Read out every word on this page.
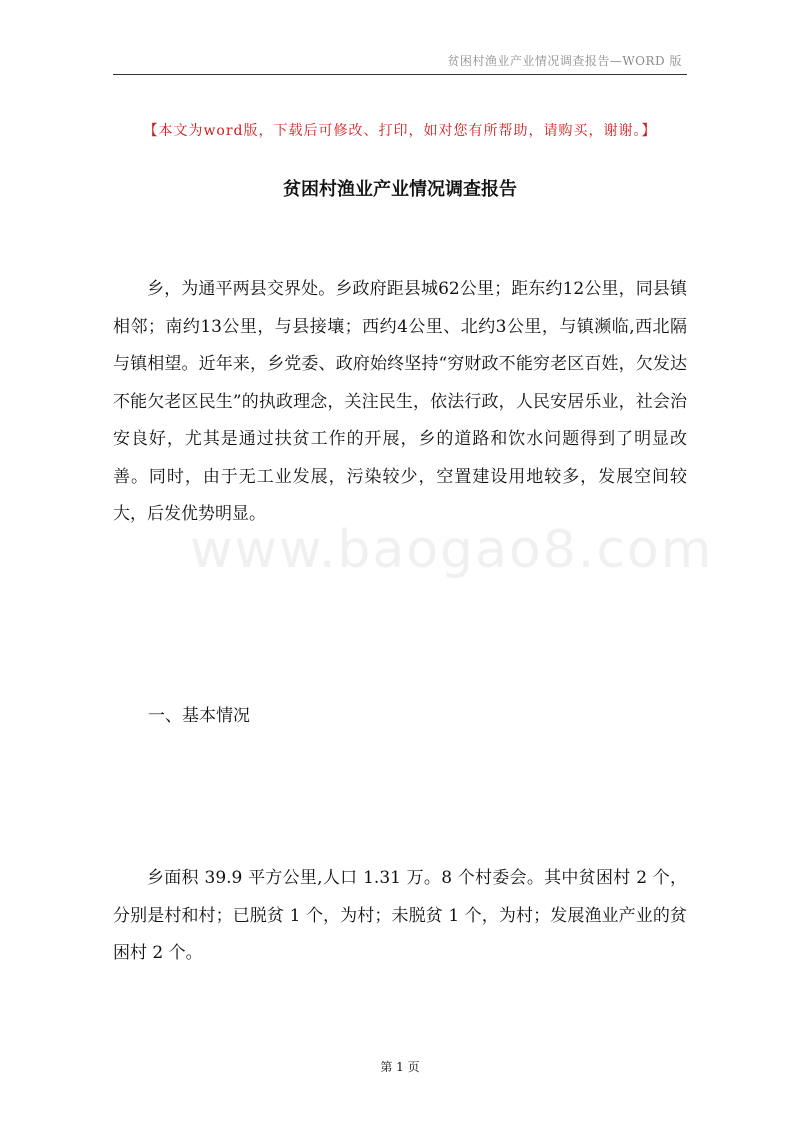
贫困村渔业产业情况调查报告—WORD 版
【本文为word版，下载后可修改、打印，如对您有所帮助，请购买，谢谢。】
贫困村渔业产业情况调查报告

乡，为通平两县交界处。乡政府距县城62公里；距东约12公里，同县镇相邻；南约13公里，与县接壤；西约4公里、北约3公里，与镇濒临,西北隔与镇相望。近年来，乡党委、政府始终坚持“穷财政不能穷老区百姓，欠发达不能欠老区民生”的执政理念，关注民生，依法行政，人民安居乐业，社会治安良好，尤其是通过扶贫工作的开展，乡的道路和饮水问题得到了明显改善。同时，由于无工业发展，污染较少，空置建设用地较多，发展空间较大，后发优势明显。

www.baogao8.com
一、基本情况

乡面积 39.9 平方公里,人口 1.31 万。8 个村委会。其中贫困村 2 个，分别是村和村；已脱贫 1 个，为村；未脱贫 1 个，为村；发展渔业产业的贫困村 2 个。

第 1 页
